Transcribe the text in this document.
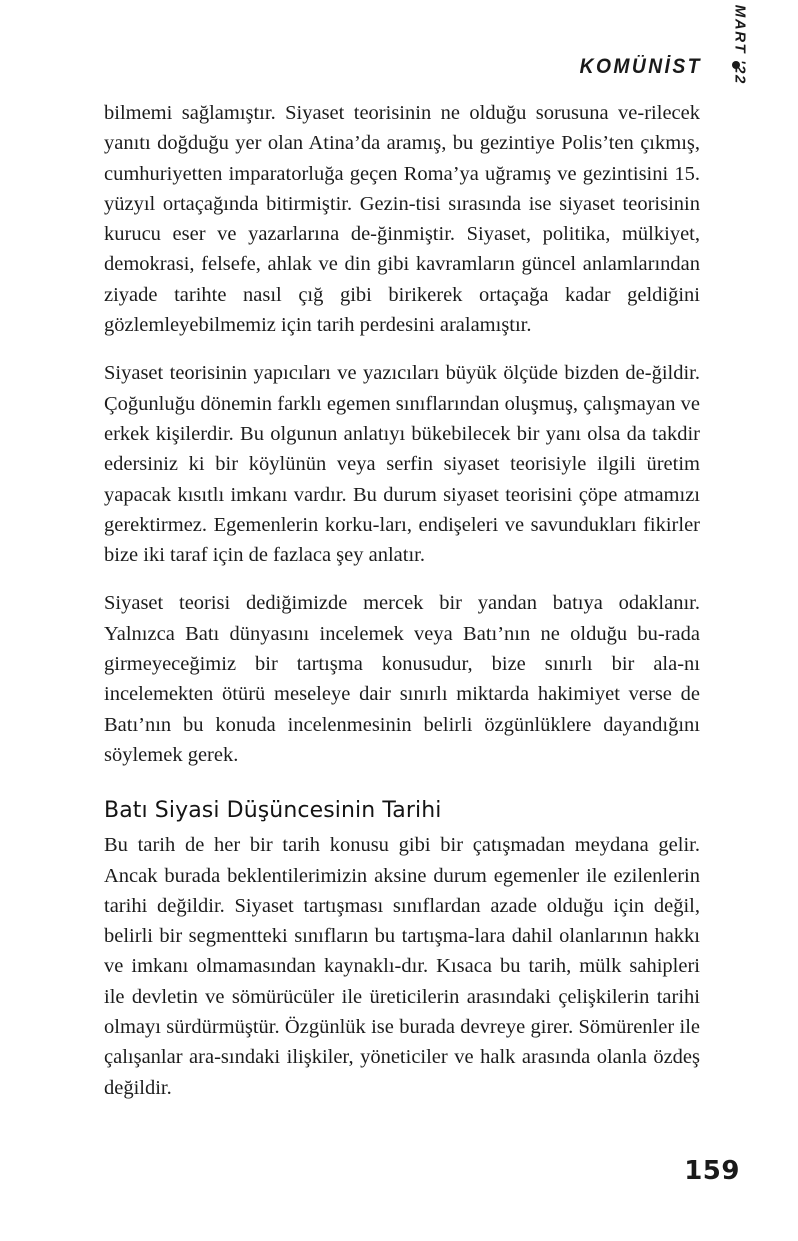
KOMÜNİST MART '22

bilmemi sağlamıştır. Siyaset teorisinin ne olduğu sorusuna ve-rilecek yanıtı doğduğu yer olan Atina’da aramış, bu gezintiye Polis’ten çıkmış, cumhuriyetten imparatorluğa geçen Roma’ya uğramış ve gezintisini 15. yüzyıl ortaçağında bitirmiştir. Gezin-tisi sırasında ise siyaset teorisinin kurucu eser ve yazarlarına de-ğinmiştir. Siyaset, politika, mülkiyet, demokrasi, felsefe, ahlak ve din gibi kavramların güncel anlamlarından ziyade tarihte nasıl çığ gibi birikerek ortaçağa kadar geldiğini gözlemleyebilmemiz için tarih perdesini aralamıştır.

Siyaset teorisinin yapıcıları ve yazıcıları büyük ölçüde bizden de-ğildir. Çoğunluğu dönemin farklı egemen sınıflarından oluşmuş, çalışmayan ve erkek kişilerdir. Bu olgunun anlatıyı bükebilecek bir yanı olsa da takdir edersiniz ki bir köylünün veya serfin siyaset teorisiyle ilgili üretim yapacak kısıtlı imkanı vardır. Bu durum siyaset teorisini çöpe atmamızı gerektirmez. Egemenlerin korku-ları, endişeleri ve savundukları fikirler bize iki taraf için de fazlaca şey anlatır.

Siyaset teorisi dediğimizde mercek bir yandan batıya odaklanır. Yalnızca Batı dünyasını incelemek veya Batı’nın ne olduğu bu-rada girmeyeceğimiz bir tartışma konusudur, bize sınırlı bir ala-nı incelemekten ötürü meseleye dair sınırlı miktarda hakimiyet verse de Batı’nın bu konuda incelenmesinin belirli özgünlüklere dayandığını söylemek gerek.

Batı Siyasi Düşüncesinin Tarihi

Bu tarih de her bir tarih konusu gibi bir çatışmadan meydana gelir. Ancak burada beklentilerimizin aksine durum egemenler ile ezilenlerin tarihi değildir. Siyaset tartışması sınıflardan azade olduğu için değil, belirli bir segmentteki sınıfların bu tartışma-lara dahil olanlarının hakkı ve imkanı olmamasından kaynaklı-dır. Kısaca bu tarih, mülk sahipleri ile devletin ve sömürücüler ile üreticilerin arasındaki çelişkilerin tarihi olmayı sürdürmüştür. Özgünlük ise burada devreye girer. Sömürenler ile çalışanlar ara-sındaki ilişkiler, yöneticiler ve halk arasında olanla özdeş değildir.

159
